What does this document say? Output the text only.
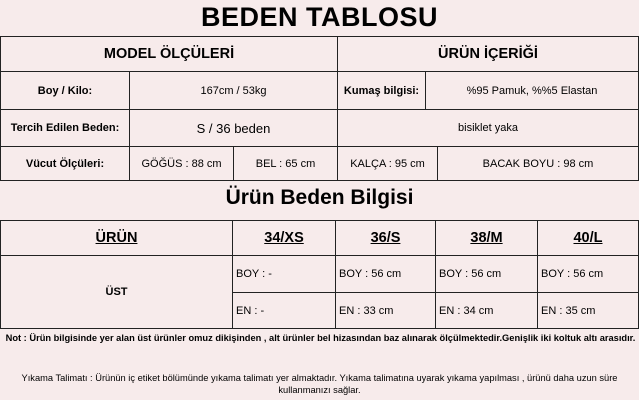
BEDEN TABLOSU
MODEL ÖLÇÜLERİ	ÜRÜN İÇERİĞİ
Boy / Kilo:	167cm / 53kg	Kumaş bilgisi:	%95 Pamuk, %%5 Elastan
Tercih Edilen Beden:	S / 36 beden	bisiklet yaka
Vücut Ölçüleri:	GÖĞÜS : 88 cm	BEL : 65 cm	KALÇA : 95 cm	BACAK BOYU : 98 cm
Ürün Beden Bilgisi
ÜRÜN	34/XS	36/S	38/M	40/L
ÜST
BOY : -	BOY : 56 cm	BOY : 56 cm	BOY : 56 cm
EN : -	EN : 33 cm	EN : 34 cm	EN : 35 cm
Not : Ürün bilgisinde yer alan üst ürünler omuz dikişinden , alt ürünler bel hizasından baz alınarak ölçülmektedir.Genişlik iki koltuk altı arasıdır.
Yıkama Talimatı : Ürünün iç etiket bölümünde yıkama talimatı yer almaktadır. Yıkama talimatına uyarak yıkama yapılması , ürünü daha uzun süre kullanmanızı sağlar.
